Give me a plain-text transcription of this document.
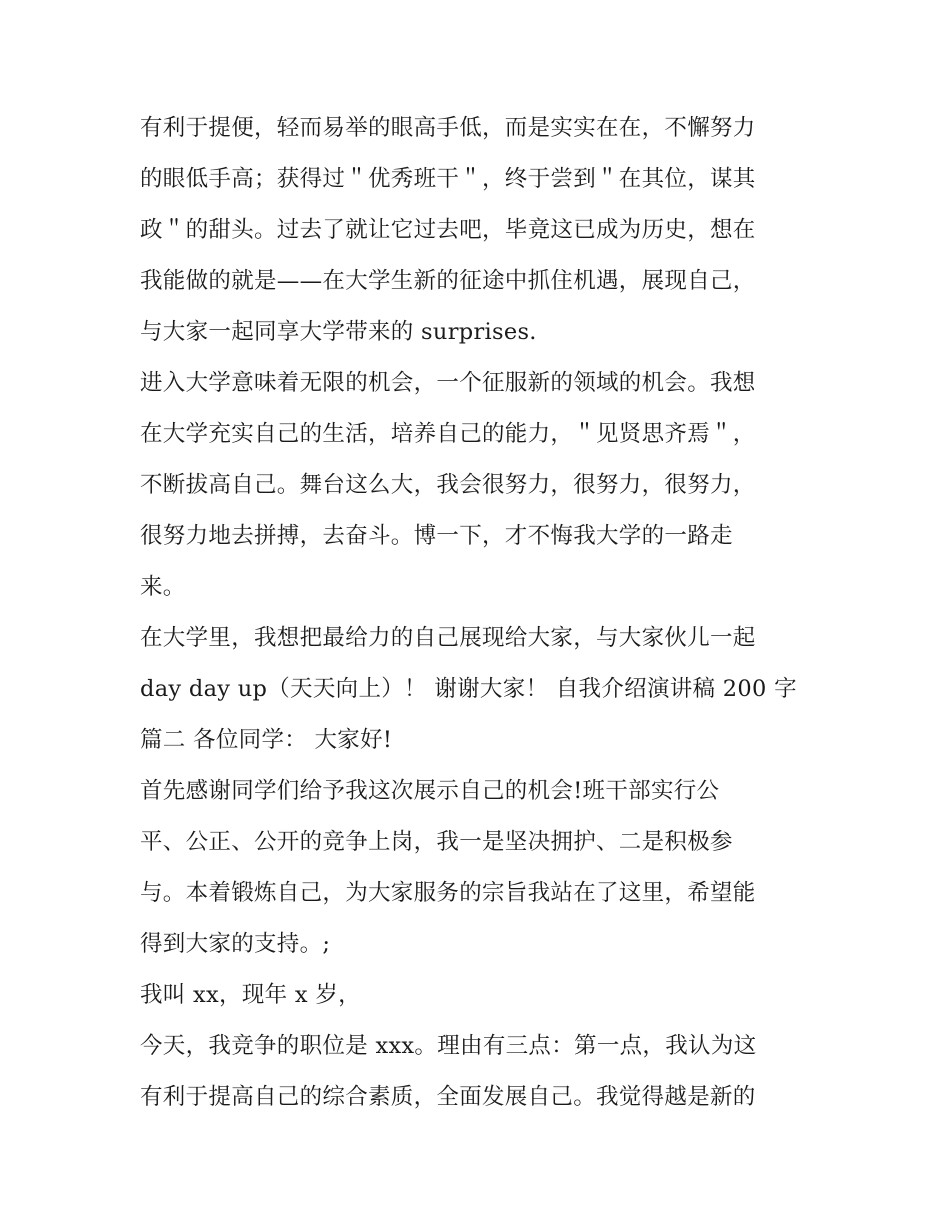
有利于提便，轻而易举的眼高手低，而是实实在在，不懈努力
的眼低手高；获得过＂优秀班干＂，终于尝到＂在其位，谋其
政＂的甜头。过去了就让它过去吧，毕竟这已成为历史，想在
我能做的就是——在大学生新的征途中抓住机遇，展现自己，
与大家一起同享大学带来的 surprises.
进入大学意味着无限的机会，一个征服新的领域的机会。我想
在大学充实自己的生活，培养自己的能力，＂见贤思齐焉＂，
不断拔高自己。舞台这么大，我会很努力，很努力，很努力，
很努力地去拼搏，去奋斗。博一下，才不悔我大学的一路走
来。
在大学里，我想把最给力的自己展现给大家，与大家伙儿一起
day day up（天天向上）！ 谢谢大家！ 自我介绍演讲稿 200 字
篇二 各位同学： 大家好!
首先感谢同学们给予我这次展示自己的机会!班干部实行公
平、公正、公开的竞争上岗，我一是坚决拥护、二是积极参
与。本着锻炼自己，为大家服务的宗旨我站在了这里，希望能
得到大家的支持。;
我叫 xx，现年 x 岁，
今天，我竞争的职位是 xxx。理由有三点：第一点，我认为这
有利于提高自己的综合素质，全面发展自己。我觉得越是新的
